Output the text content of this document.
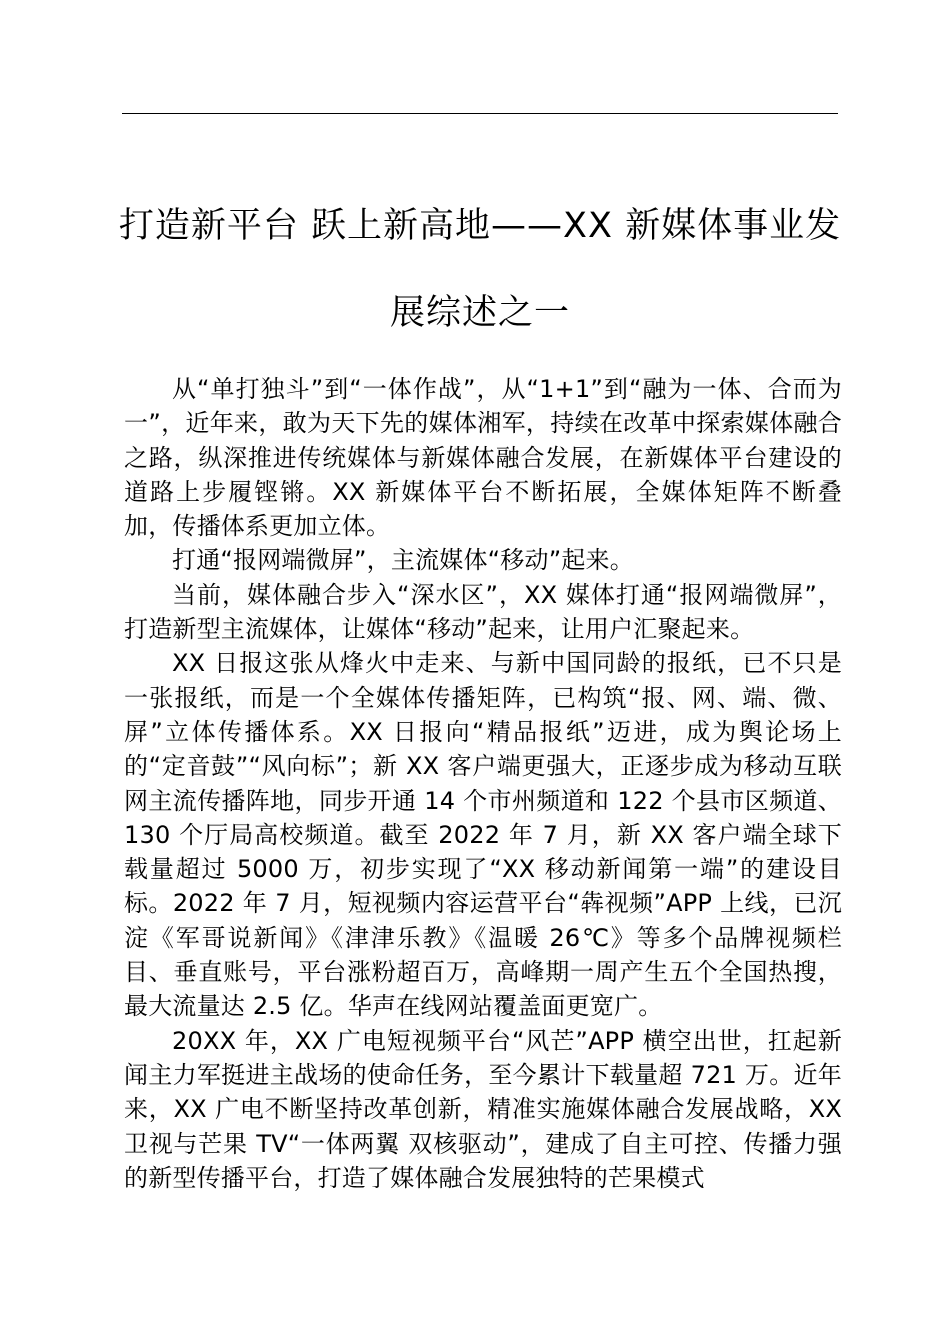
打造新平台 跃上新高地——XX 新媒体事业发
展综述之一

从“单打独斗”到“一体作战”，从“1+1”到“融为一体、合而为一”，近年来，敢为天下先的媒体湘军，持续在改革中探索媒体融合之路，纵深推进传统媒体与新媒体融合发展，在新媒体平台建设的道路上步履铿锵。XX 新媒体平台不断拓展，全媒体矩阵不断叠加，传播体系更加立体。

打通“报网端微屏”，主流媒体“移动”起来。

当前，媒体融合步入“深水区”，XX 媒体打通“报网端微屏”，打造新型主流媒体，让媒体“移动”起来，让用户汇聚起来。

XX 日报这张从烽火中走来、与新中国同龄的报纸，已不只是一张报纸，而是一个全媒体传播矩阵，已构筑“报、网、端、微、屏”立体传播体系。XX 日报向“精品报纸”迈进，成为舆论场上的“定音鼓”“风向标”；新 XX 客户端更强大，正逐步成为移动互联网主流传播阵地，同步开通 14 个市州频道和 122 个县市区频道、130 个厅局高校频道。截至 2022 年 7 月，新 XX 客户端全球下载量超过 5000 万，初步实现了“XX 移动新闻第一端”的建设目标。2022 年 7 月，短视频内容运营平台“犇视频”APP 上线，已沉淀《军哥说新闻》《津津乐教》《温暖 26℃》等多个品牌视频栏目、垂直账号，平台涨粉超百万，高峰期一周产生五个全国热搜，最大流量达 2.5 亿。华声在线网站覆盖面更宽广。

20XX 年，XX 广电短视频平台“风芒”APP 横空出世，扛起新闻主力军挺进主战场的使命任务，至今累计下载量超 721 万。近年来，XX 广电不断坚持改革创新，精准实施媒体融合发展战略，XX 卫视与芒果 TV“一体两翼 双核驱动”，建成了自主可控、传播力强的新型传播平台，打造了媒体融合发展独特的芒果模式
